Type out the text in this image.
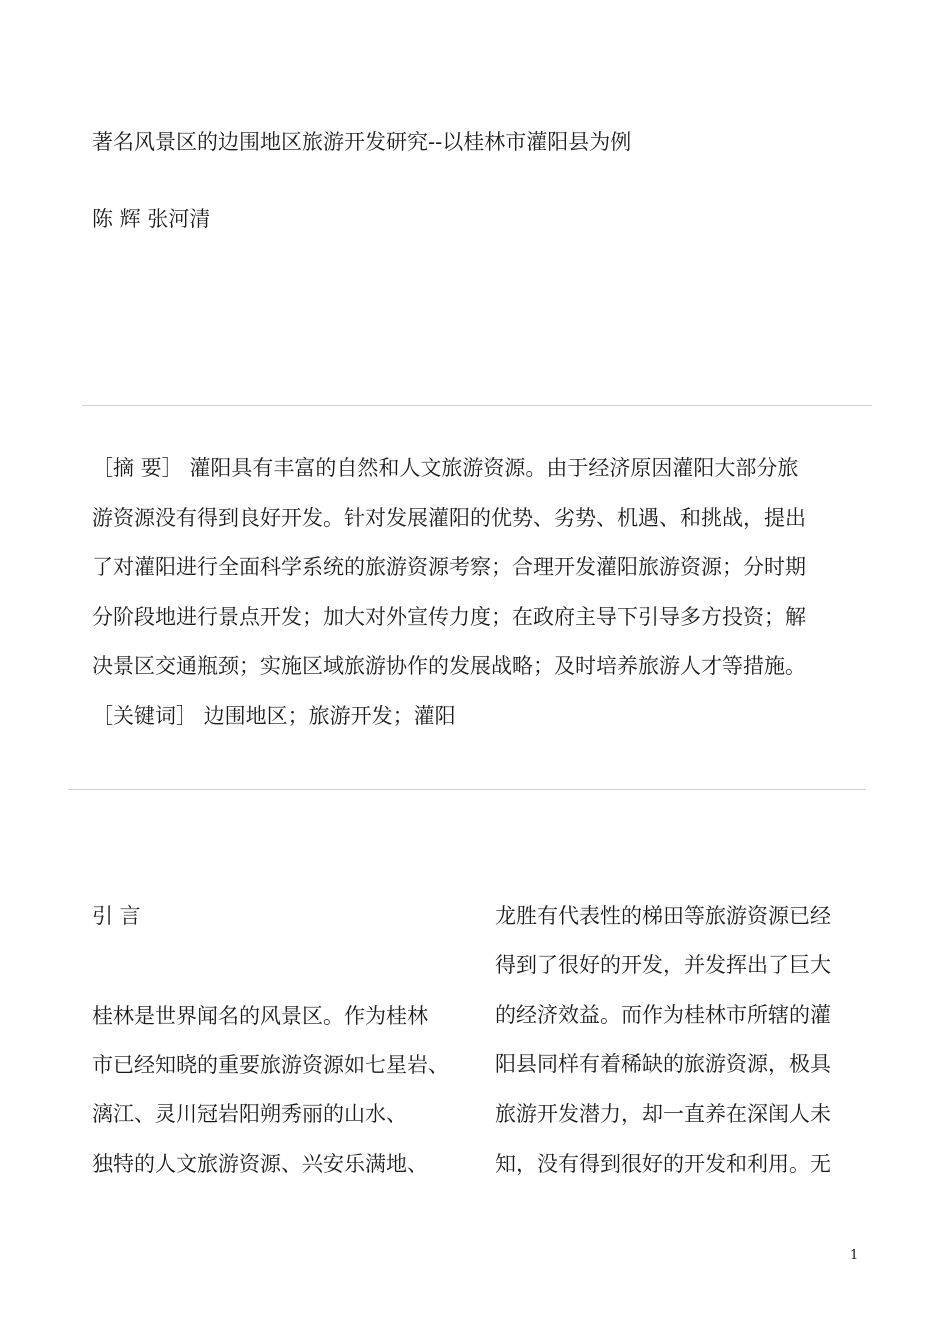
著名风景区的边围地区旅游开发研究--以桂林市灌阳县为例
陈 辉 张河清
［摘 要］ 灌阳具有丰富的自然和人文旅游资源。由于经济原因灌阳大部分旅
游资源没有得到良好开发。针对发展灌阳的优势、劣势、机遇、和挑战，提出
了对灌阳进行全面科学系统的旅游资源考察；合理开发灌阳旅游资源；分时期
分阶段地进行景点开发；加大对外宣传力度；在政府主导下引导多方投资；解
决景区交通瓶颈；实施区域旅游协作的发展战略；及时培养旅游人才等措施。
［关键词］ 边围地区；旅游开发；灌阳
引 言
桂林是世界闻名的风景区。作为桂林
市已经知晓的重要旅游资源如七星岩、
漓江、灵川冠岩阳朔秀丽的山水、
独特的人文旅游资源、兴安乐满地、
龙胜有代表性的梯田等旅游资源已经
得到了很好的开发，并发挥出了巨大
的经济效益。而作为桂林市所辖的灌
阳县同样有着稀缺的旅游资源，极具
旅游开发潜力，却一直养在深闺人未
知，没有得到很好的开发和利用。无
1
